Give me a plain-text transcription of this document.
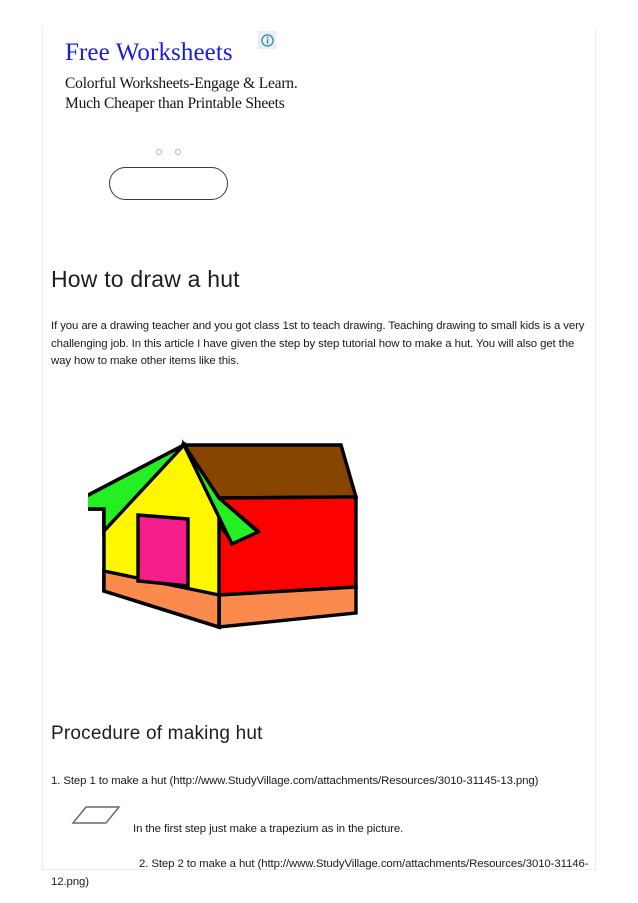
Free Worksheets
Colorful Worksheets-Engage & Learn. Much Cheaper than Printable Sheets
How to draw a hut

If you are a drawing teacher and you got class 1st to teach drawing. Teaching drawing to small kids is a very challenging job. In this article I have given the step by step tutorial how to make a hut. You will also get the way how to make other items like this.

Procedure of making hut

1. Step 1 to make a hut (http://www.StudyVillage.com/attachments/Resources/3010-31145-13.png)

In the first step just make a trapezium as in the picture.

2. Step 2 to make a hut (http://www.StudyVillage.com/attachments/Resources/3010-31146-12.png)
